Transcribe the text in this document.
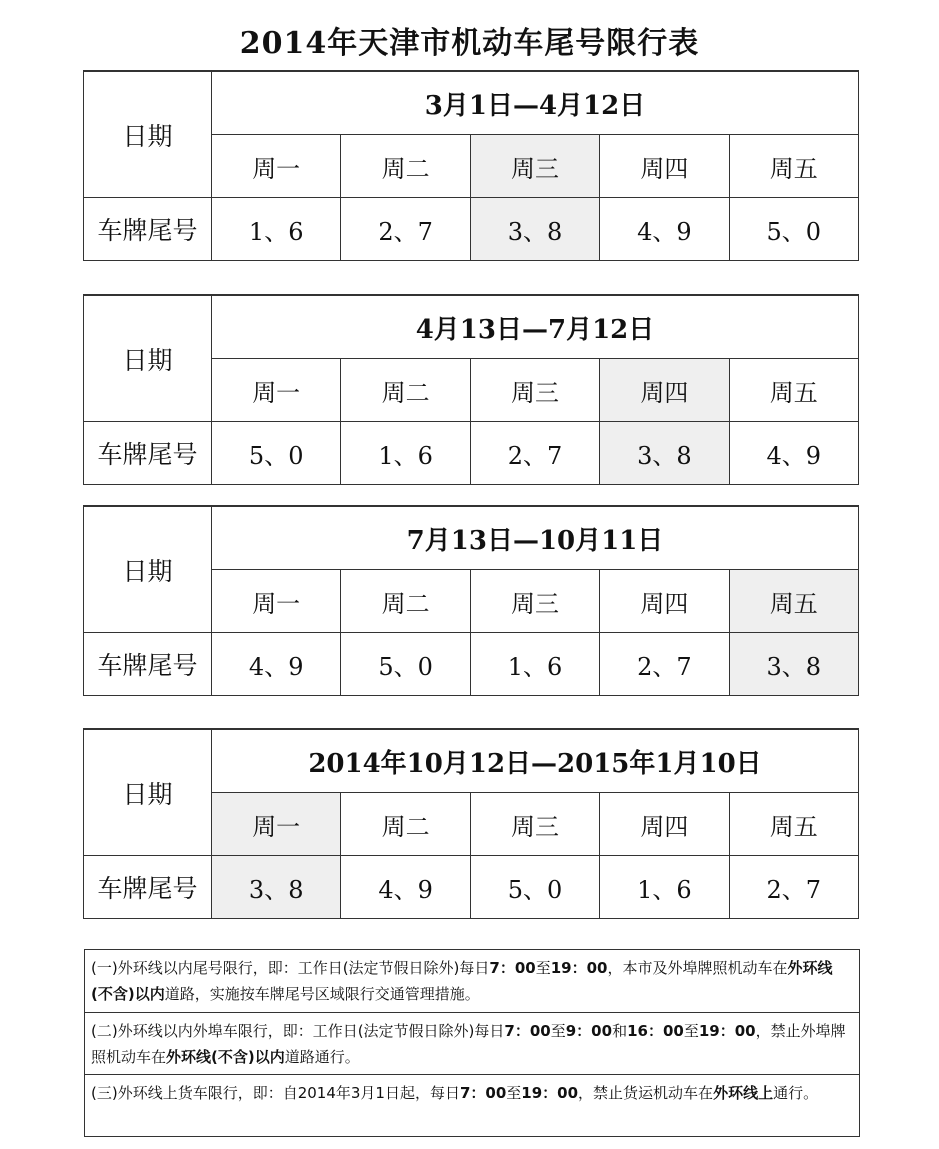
2014年天津市机动车尾号限行表
日期	3月1日—4月12日				
	周一	周二	周三	周四	周五
车牌尾号	1、6	2、7	3、8	4、9	5、0
日期	4月13日—7月12日				
	周一	周二	周三	周四	周五
车牌尾号	5、0	1、6	2、7	3、8	4、9
日期	7月13日—10月11日				
	周一	周二	周三	周四	周五
车牌尾号	4、9	5、0	1、6	2、7	3、8
日期	2014年10月12日—2015年1月10日				
	周一	周二	周三	周四	周五
车牌尾号	3、8	4、9	5、0	1、6	2、7
(一)外环线以内尾号限行，即：工作日(法定节假日除外)每日7：00至19：00，本市及外埠牌照机动车在外环线(不含)以内道路，实施按车牌尾号区域限行交通管理措施。
(二)外环线以内外埠车限行，即：工作日(法定节假日除外)每日7：00至9：00和16：00至19：00，禁止外埠牌照机动车在外环线(不含)以内道路通行。
(三)外环线上货车限行，即：自2014年3月1日起，每日7：00至19：00，禁止货运机动车在外环线上通行。
